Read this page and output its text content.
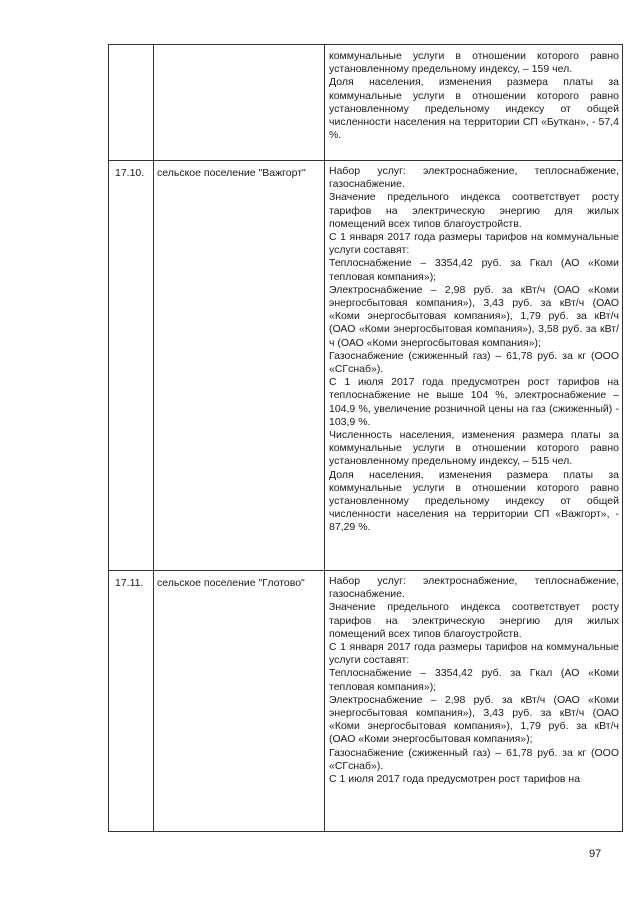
коммунальные услуги в отношении которого равно установленному предельному индексу, – 159 чел.

Доля населения, изменения размера платы за коммунальные услуги в отношении которого равно установленному предельному индексу от общей численности населения на территории СП «Буткан», - 57,4 %.

17.10. сельское поселение "Важгорт" Набор услуг: электроснабжение, теплоснабжение, газоснабжение.

Значение предельного индекса соответствует росту тарифов на электрическую энергию для жилых помещений всех типов благоустройств.

С 1 января 2017 года размеры тарифов на коммунальные услуги составят:

Теплоснабжение – 3354,42 руб. за Гкал (АО «Коми тепловая компания»);

Электроснабжение – 2,98 руб. за кВт/ч (ОАО «Коми энергосбытовая компания»), 3,43 руб. за кВт/ч (ОАО «Коми энергосбытовая компания»), 1,79 руб. за кВт/ч (ОАО «Коми энергосбытовая компания»), 3,58 руб. за кВт/ч (ОАО «Коми энергосбытовая компания»);

Газоснабжение (сжиженный газ) – 61,78 руб. за кг (ООО «СГснаб»).

С 1 июля 2017 года предусмотрен рост тарифов на теплоснабжение не выше 104 %, электроснабжение – 104,9 %, увеличение розничной цены на газ (сжиженный) - 103,9 %.

Численность населения, изменения размера платы за коммунальные услуги в отношении которого равно установленному предельному индексу, – 515 чел.

Доля населения, изменения размера платы за коммунальные услуги в отношении которого равно установленному предельному индексу от общей численности населения на территории СП «Важгорт», - 87,29 %.

17.11. сельское поселение "Глотово" Набор услуг: электроснабжение, теплоснабжение, газоснабжение.

Значение предельного индекса соответствует росту тарифов на электрическую энергию для жилых помещений всех типов благоустройств.

С 1 января 2017 года размеры тарифов на коммунальные услуги составят:

Теплоснабжение – 3354,42 руб. за Гкал (АО «Коми тепловая компания»);

Электроснабжение – 2,98 руб. за кВт/ч (ОАО «Коми энергосбытовая компания»), 3,43 руб. за кВт/ч (ОАО «Коми энергосбытовая компания»), 1,79 руб. за кВт/ч (ОАО «Коми энергосбытовая компания»);

Газоснабжение (сжиженный газ) – 61,78 руб. за кг (ООО «СГснаб»).

С 1 июля 2017 года предусмотрен рост тарифов на

97
